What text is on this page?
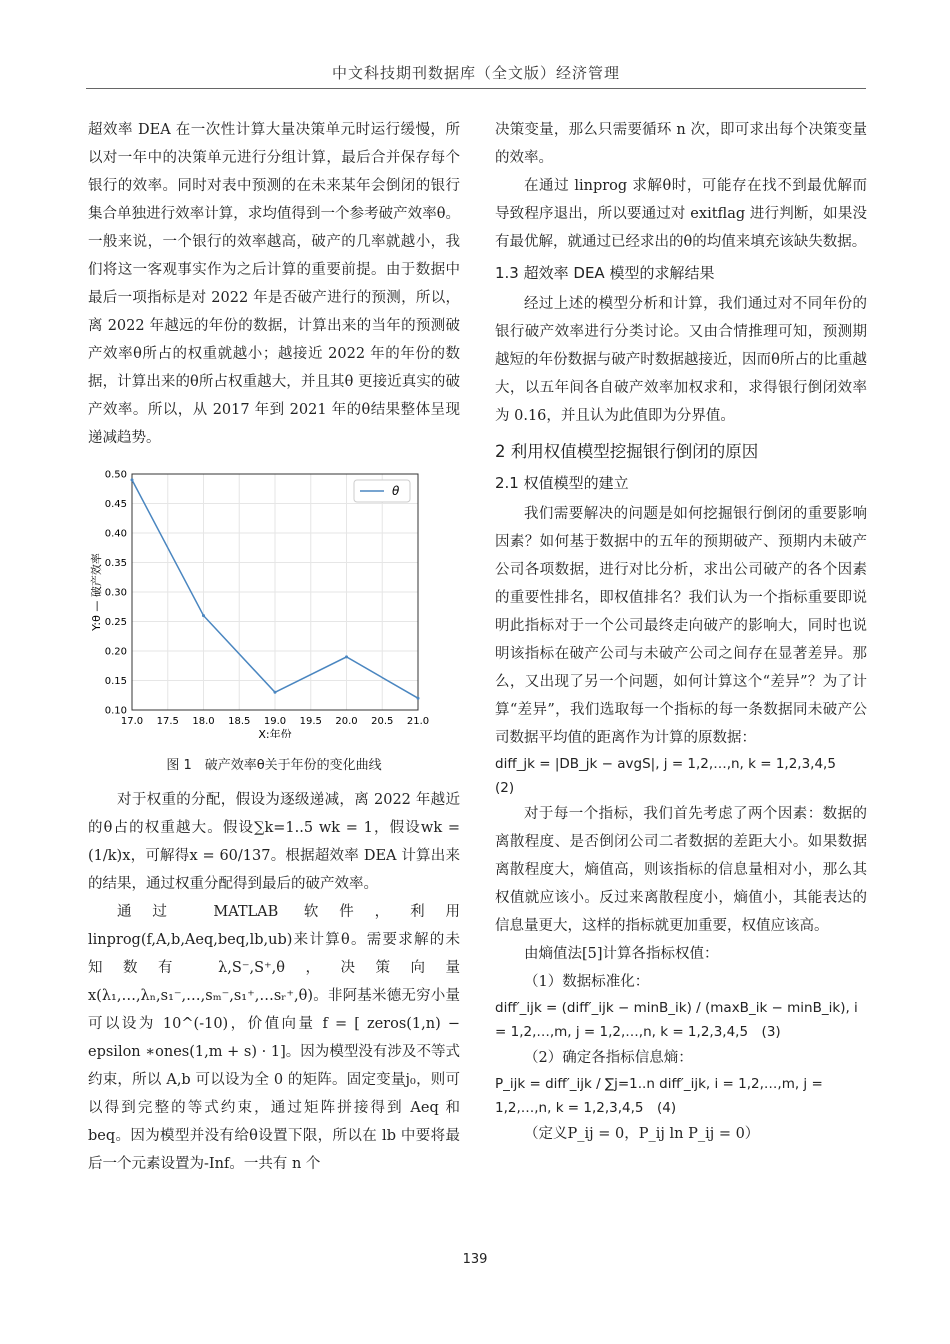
中文科技期刊数据库（全文版）经济管理

超效率 DEA 在一次性计算大量决策单元时运行缓慢，所以对一年中的决策单元进行分组计算，最后合并保存每个银行的效率。同时对表中预测的在未来某年会倒闭的银行集合单独进行效率计算，求均值得到一个参考破产效率θ。一般来说，一个银行的效率越高，破产的几率就越小，我们将这一客观事实作为之后计算的重要前提。由于数据中最后一项指标是对 2022 年是否破产进行的预测，所以，离 2022 年越远的年份的数据，计算出来的当年的预测破产效率θ所占的权重就越小；越接近 2022 年的年份的数据，计算出来的θ所占权重越大，并且其θ 更接近真实的破产效率。所以，从 2017 年到 2021 年的θ结果整体呈现递减趋势。

17.0 17.5 18.0 18.5 19.0 19.5 20.0 20.5 21.0
0.10
0.15
0.20
0.25
0.30
0.35
0.40
0.45
0.50
θ
X:年份
Y:θ — 破产效率
图 1　破产效率θ关于年份的变化曲线

对于权重的分配，假设为逐级递减，离 2022 年越近的θ占的权重越大。假设∑k=1..5 wk = 1，假设wk = (1/k)x，可解得x = 60/137。根据超效率 DEA 计算出来的结果，通过权重分配得到最后的破产效率。

通过 MATLAB 软件，利用 linprog(f,A,b,Aeq,beq,lb,ub)来计算θ。需要求解的未知数有 λ,S⁻,S⁺,θ，决策向量 x(λ₁,…,λₙ,s₁⁻,…,sₘ⁻,s₁⁺,…sᵣ⁺,θ)。非阿基米德无穷小量可以设为 10^(-10)，价值向量 f = [ zeros(1,n) − epsilon ∗ones(1,m + s) · 1]。因为模型没有涉及不等式约束，所以 A,b 可以设为全 0 的矩阵。固定变量j₀，则可以得到完整的等式约束，通过矩阵拼接得到 Aeq 和 beq。因为模型并没有给θ设置下限，所以在 lb 中要将最后一个元素设置为-Inf。一共有 n 个

决策变量，那么只需要循环 n 次，即可求出每个决策变量的效率。

在通过 linprog 求解θ时，可能存在找不到最优解而导致程序退出，所以要通过对 exitflag 进行判断，如果没有最优解，就通过已经求出的θ的均值来填充该缺失数据。

1.3 超效率 DEA 模型的求解结果

经过上述的模型分析和计算，我们通过对不同年份的银行破产效率进行分类讨论。又由合情推理可知，预测期越短的年份数据与破产时数据越接近，因而θ所占的比重越大，以五年间各自破产效率加权求和，求得银行倒闭效率为 0.16，并且认为此值即为分界值。

2 利用权值模型挖掘银行倒闭的原因
2.1 权值模型的建立

我们需要解决的问题是如何挖掘银行倒闭的重要影响因素？如何基于数据中的五年的预期破产、预期内未破产公司各项数据，进行对比分析，求出公司破产的各个因素的重要性排名，即权值排名？我们认为一个指标重要即说明此指标对于一个公司最终走向破产的影响大，同时也说明该指标在破产公司与未破产公司之间存在显著差异。那么，又出现了另一个问题，如何计算这个“差异”？为了计算“差异”，我们选取每一个指标的每一条数据同未破产公司数据平均值的距离作为计算的原数据：

diff_jk = |DB_jk − avgS|, j = 1,2,…,n, k = 1,2,3,4,5
(2)

对于每一个指标，我们首先考虑了两个因素：数据的离散程度、是否倒闭公司二者数据的差距大小。如果数据离散程度大，熵值高，则该指标的信息量相对小，那么其权值就应该小。反过来离散程度小，熵值小，其能表达的信息量更大，这样的指标就更加重要，权值应该高。

由熵值法[5]计算各指标权值：

（1）数据标准化：

diff′_ijk = (diff′_ijk − minB_ik) / (maxB_ik − minB_ik), i = 1,2,…,m, j = 1,2,…,n, k = 1,2,3,4,5　(3)

（2）确定各指标信息熵：

P_ijk = diff′_ijk / ∑j=1..n diff′_ijk, i = 1,2,…,m, j = 1,2,…,n, k = 1,2,3,4,5　(4)

（定义P_ij = 0，P_ij ln P_ij = 0）

139
